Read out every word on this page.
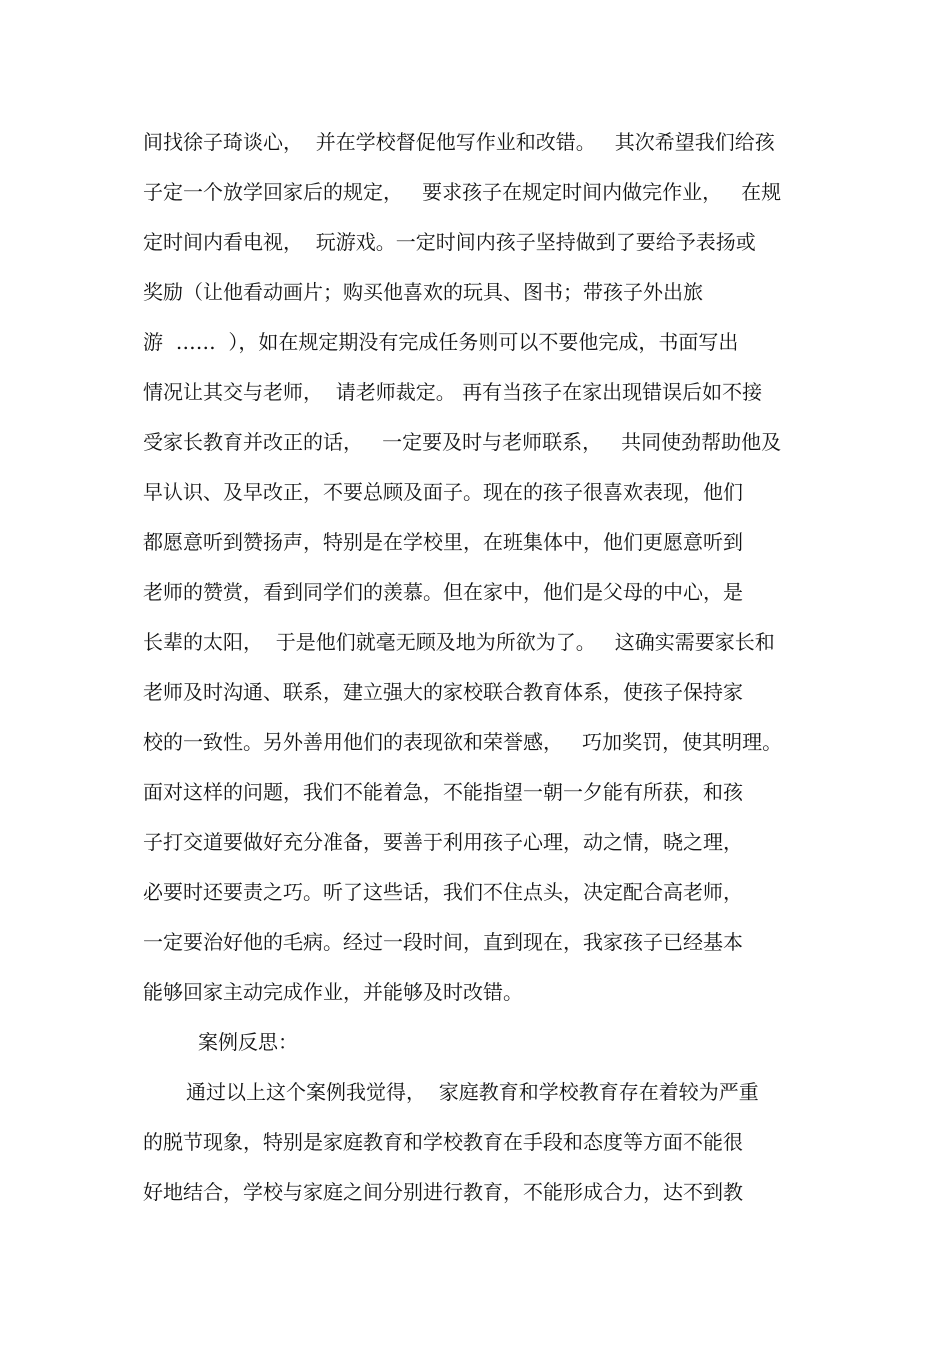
间找徐子琦谈心，  并在学校督促他写作业和改错。   其次希望我们给孩
子定一个放学回家后的规定，   要求孩子在规定时间内做完作业，   在规
定时间内看电视，  玩游戏。一定时间内孩子坚持做到了要给予表扬或
奖励（让他看动画片；购买他喜欢的玩具、图书；带孩子外出旅
游  ……  ），如在规定期没有完成任务则可以不要他完成，书面写出
情况让其交与老师，  请老师裁定。 再有当孩子在家出现错误后如不接
受家长教育并改正的话，   一定要及时与老师联系，   共同使劲帮助他及
早认识、及早改正，不要总顾及面子。现在的孩子很喜欢表现，他们
都愿意听到赞扬声，特别是在学校里，在班集体中，他们更愿意听到
老师的赞赏，看到同学们的羡慕。但在家中，他们是父母的中心，是
长辈的太阳，  于是他们就毫无顾及地为所欲为了。   这确实需要家长和
老师及时沟通、联系，建立强大的家校联合教育体系，使孩子保持家
校的一致性。另外善用他们的表现欲和荣誉感，   巧加奖罚，使其明理。
面对这样的问题，我们不能着急，不能指望一朝一夕能有所获，和孩
子打交道要做好充分准备，要善于利用孩子心理，动之情，晓之理，
必要时还要责之巧。听了这些话，我们不住点头，决定配合高老师，
一定要治好他的毛病。经过一段时间，直到现在，我家孩子已经基本
能够回家主动完成作业，并能够及时改错。
案例反思：
通过以上这个案例我觉得，  家庭教育和学校教育存在着较为严重
的脱节现象，特别是家庭教育和学校教育在手段和态度等方面不能很
好地结合，学校与家庭之间分别进行教育，不能形成合力，达不到教
